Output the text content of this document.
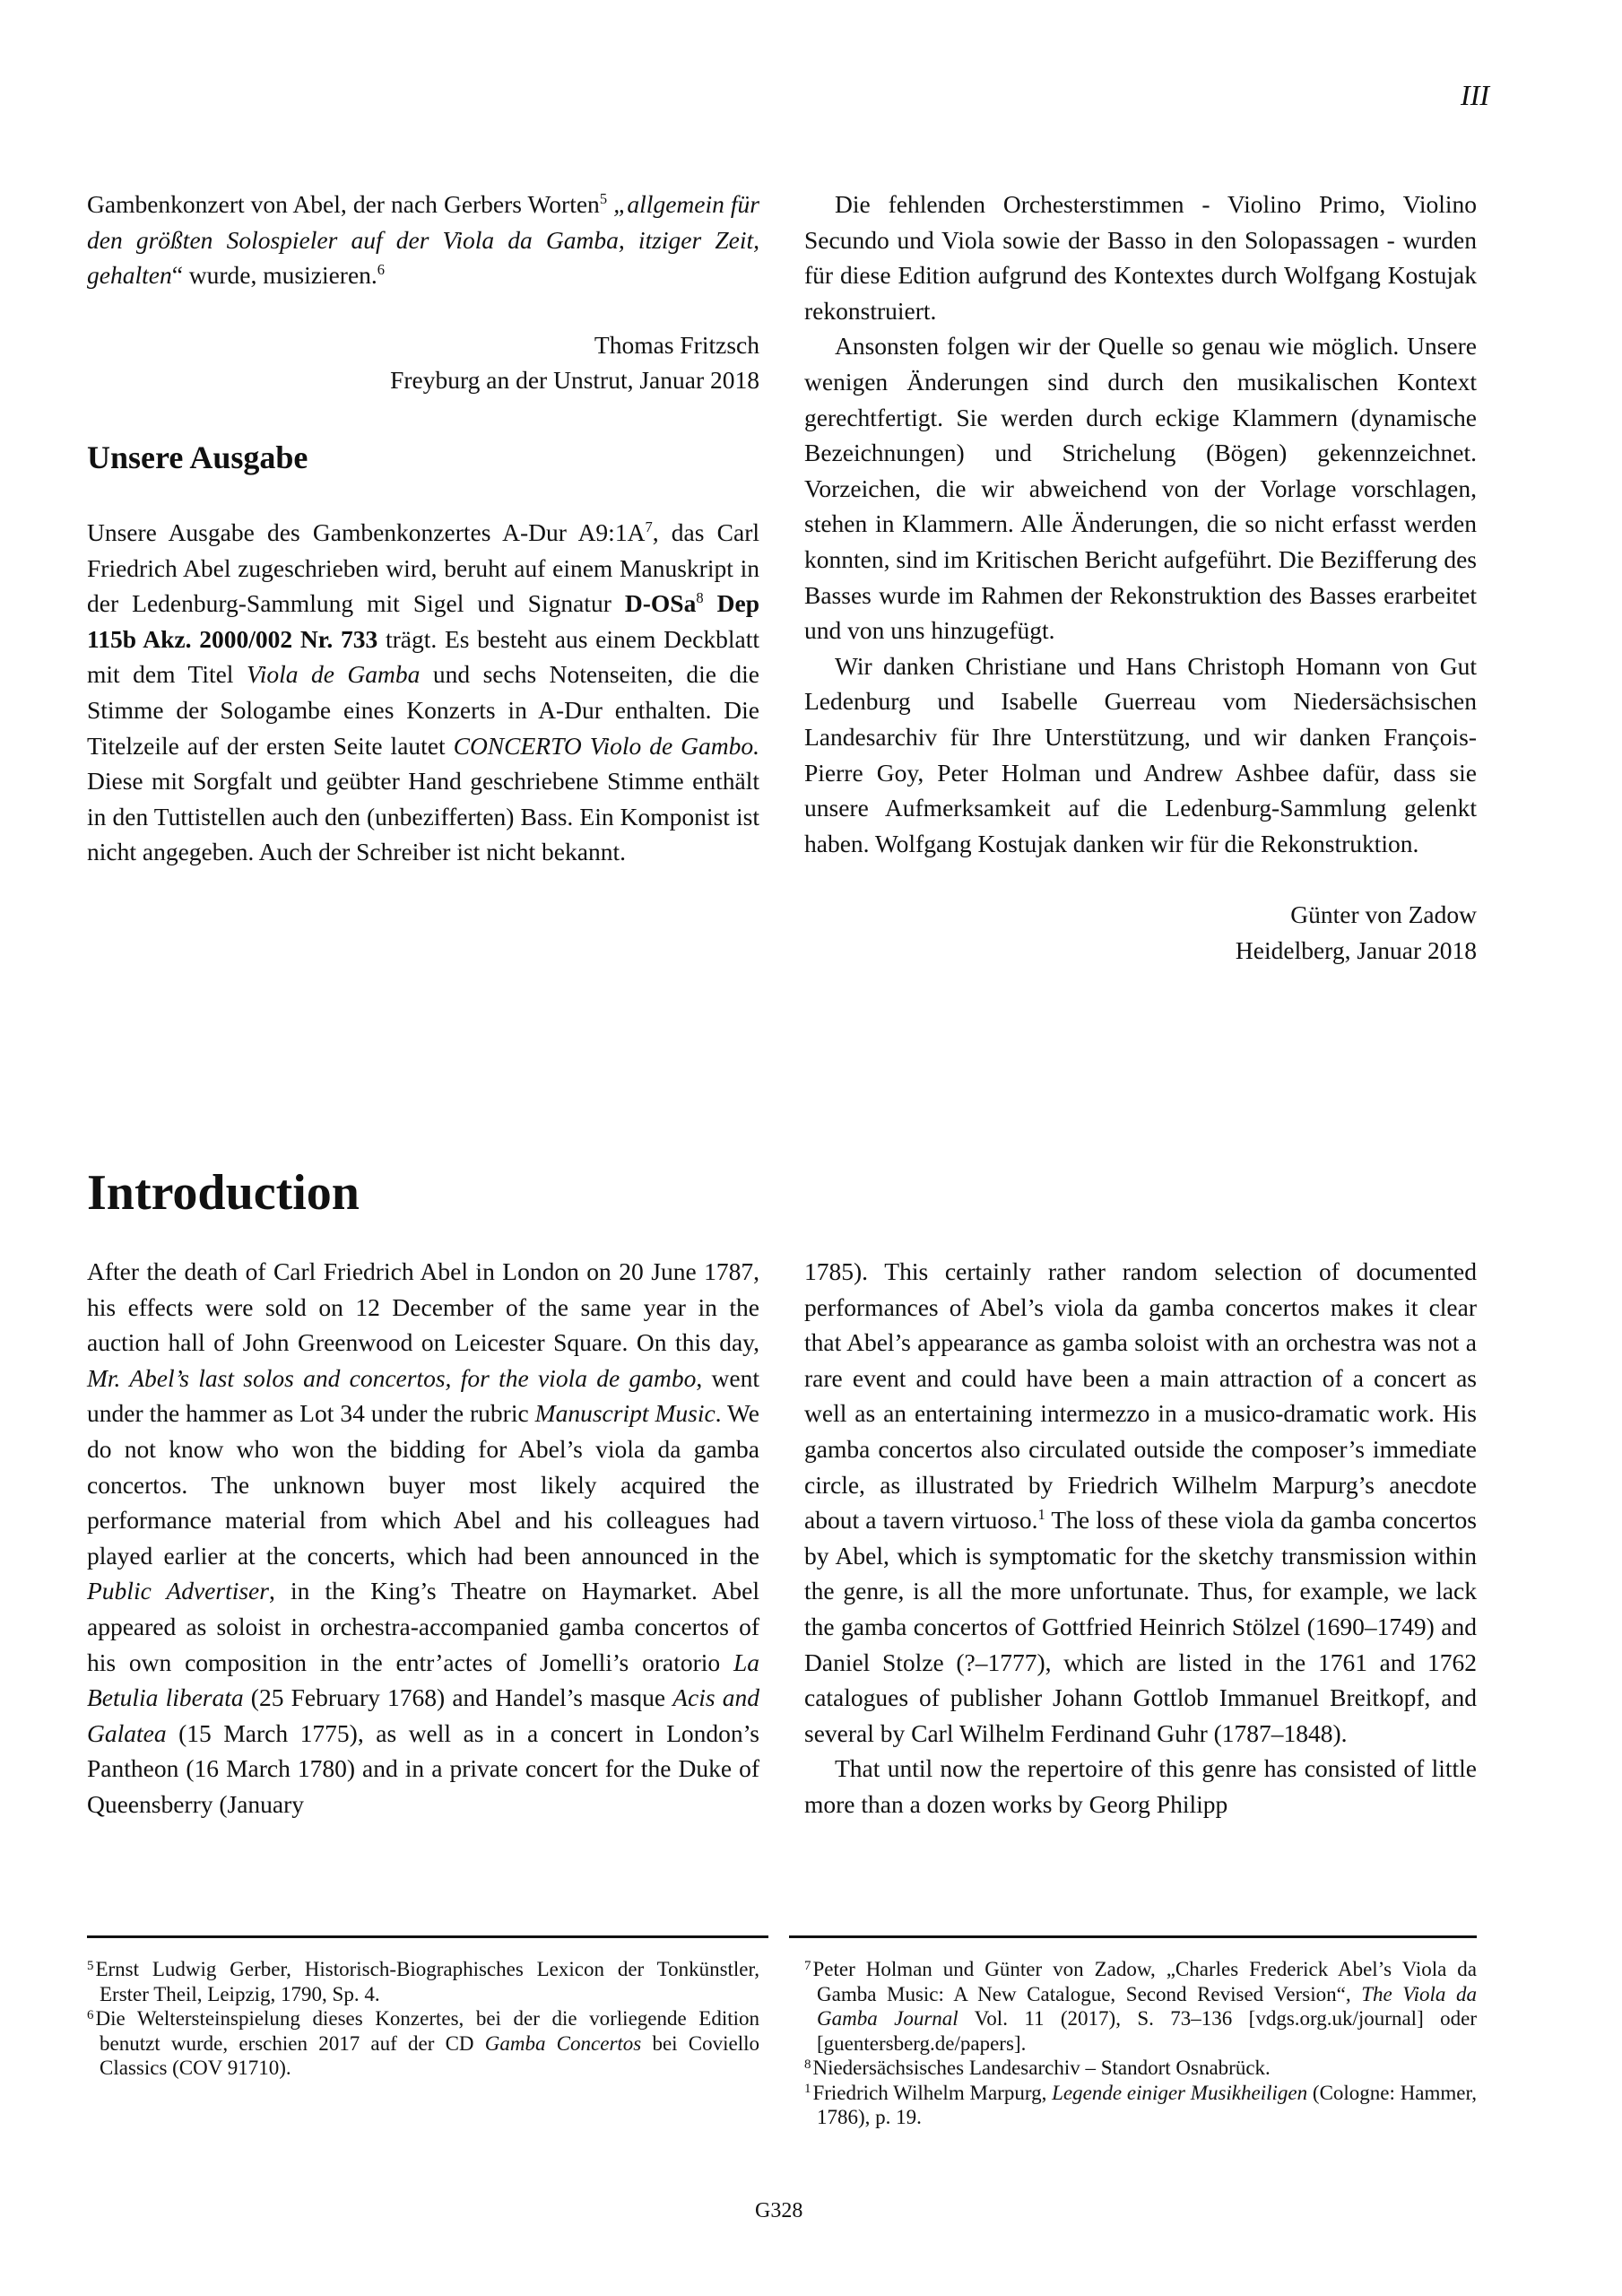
III

Gambenkonzert von Abel, der nach Gerbers Worten$^5$ „allgemein für den größten Solospieler auf der Viola da Gamba, itziger Zeit, gehalten“ wurde, musizieren.$^6$

Thomas Fritzsch
Freyburg an der Unstrut, Januar 2018
Unsere Ausgabe

Unsere Ausgabe des Gambenkonzertes A-Dur $A9:1A^7$, das Carl Friedrich Abel zugeschrieben wird, beruht auf einem Manuskript in der Ledenburg-Sammlung mit Sigel und Signatur D-OSa$^8$ Dep 115b Akz. 2000/002 Nr. 733 trägt. Es besteht aus einem Deckblatt mit dem Titel Viola de Gamba und sechs Notenseiten, die die Stimme der Sologambe eines Konzerts in A-Dur enthalten. Die Titelzeile auf der ersten Seite lautet CONCERTO Violo de Gambo. Diese mit Sorgfalt und geübter Hand geschriebene Stimme enthält in den Tuttistellen auch den (unbezifferten) Bass. Ein Komponist ist nicht angegeben. Auch der Schreiber ist nicht bekannt.

Die fehlenden Orchesterstimmen - Violino Primo, Violino Secundo und Viola sowie der Basso in den Solopassagen - wurden für diese Edition aufgrund des Kontextes durch Wolfgang Kostujak rekonstruiert.

Ansonsten folgen wir der Quelle so genau wie möglich. Unsere wenigen Änderungen sind durch den musikalischen Kontext gerechtfertigt. Sie werden durch eckige Klammern (dynamische Bezeichnungen) und Strichelung (Bögen) gekennzeichnet. Vorzeichen, die wir abweichend von der Vorlage vorschlagen, stehen in Klammern. Alle Änderungen, die so nicht erfasst werden konnten, sind im Kritischen Bericht aufgeführt. Die Bezifferung des Basses wurde im Rahmen der Rekonstruktion des Basses erarbeitet und von uns hinzugefügt.

Wir danken Christiane und Hans Christoph Homann von Gut Ledenburg und Isabelle Guerreau vom Niedersächsischen Landesarchiv für Ihre Unterstützung, und wir danken François-Pierre Goy, Peter Holman und Andrew Ashbee dafür, dass sie unsere Aufmerksamkeit auf die Ledenburg-Sammlung gelenkt haben. Wolfgang Kostujak danken wir für die Rekonstruktion.

Günter von Zadow
Heidelberg, Januar 2018
Introduction

After the death of Carl Friedrich Abel in London on 20 June 1787, his effects were sold on 12 December of the same year in the auction hall of John Greenwood on Leicester Square. On this day, Mr. Abel’s last solos and concertos, for the viola de gambo, went under the hammer as Lot 34 under the rubric Manuscript Music. We do not know who won the bidding for Abel’s viola da gamba concertos. The unknown buyer most likely acquired the performance material from which Abel and his colleagues had played earlier at the concerts, which had been announced in the Public Advertiser, in the King’s Theatre on Haymarket. Abel appeared as soloist in orchestra-accompanied gamba concertos of his own composition in the entr’actes of Jomelli’s oratorio La Betulia liberata (25 February 1768) and Handel’s masque Acis and Galatea (15 March 1775), as well as in a concert in London’s Pantheon (16 March 1780) and in a private concert for the Duke of Queensberry (January

1785). This certainly rather random selection of documented performances of Abel’s viola da gamba concertos makes it clear that Abel’s appearance as gamba soloist with an orchestra was not a rare event and could have been a main attraction of a concert as well as an entertaining intermezzo in a musico-dramatic work. His gamba concertos also circulated outside the composer’s immediate circle, as illustrated by Friedrich Wilhelm Marpurg’s anecdote about a tavern virtuoso.$^1$ The loss of these viola da gamba concertos by Abel, which is symptomatic for the sketchy transmission within the genre, is all the more unfortunate. Thus, for example, we lack the gamba concertos of Gottfried Heinrich Stölzel (1690–1749) and Daniel Stolze (?–1777), which are listed in the 1761 and 1762 catalogues of publisher Johann Gottlob Immanuel Breitkopf, and several by Carl Wilhelm Ferdinand Guhr (1787–1848).

That until now the repertoire of this genre has consisted of little more than a dozen works by Georg Philipp

$^5$Ernst Ludwig Gerber, Historisch-Biographisches Lexicon der Tonkünstler, Erster Theil, Leipzig, 1790, Sp. 4.

$^6$Die Weltersteinspielung dieses Konzertes, bei der die vorliegende Edition benutzt wurde, erschien 2017 auf der CD Gamba Concertos bei Coviello Classics (COV 91710).

$^7$Peter Holman und Günter von Zadow, „Charles Frederick Abel’s Viola da Gamba Music: A New Catalogue, Second Revised Version“, The Viola da Gamba Journal Vol. 11 (2017), S. 73–136 [vdgs.org.uk/journal] oder [guentersberg.de/papers].

$^8$Niedersächsisches Landesarchiv – Standort Osnabrück.

$^1$Friedrich Wilhelm Marpurg, Legende einiger Musikheiligen (Cologne: Hammer, 1786), p. 19.

G328
